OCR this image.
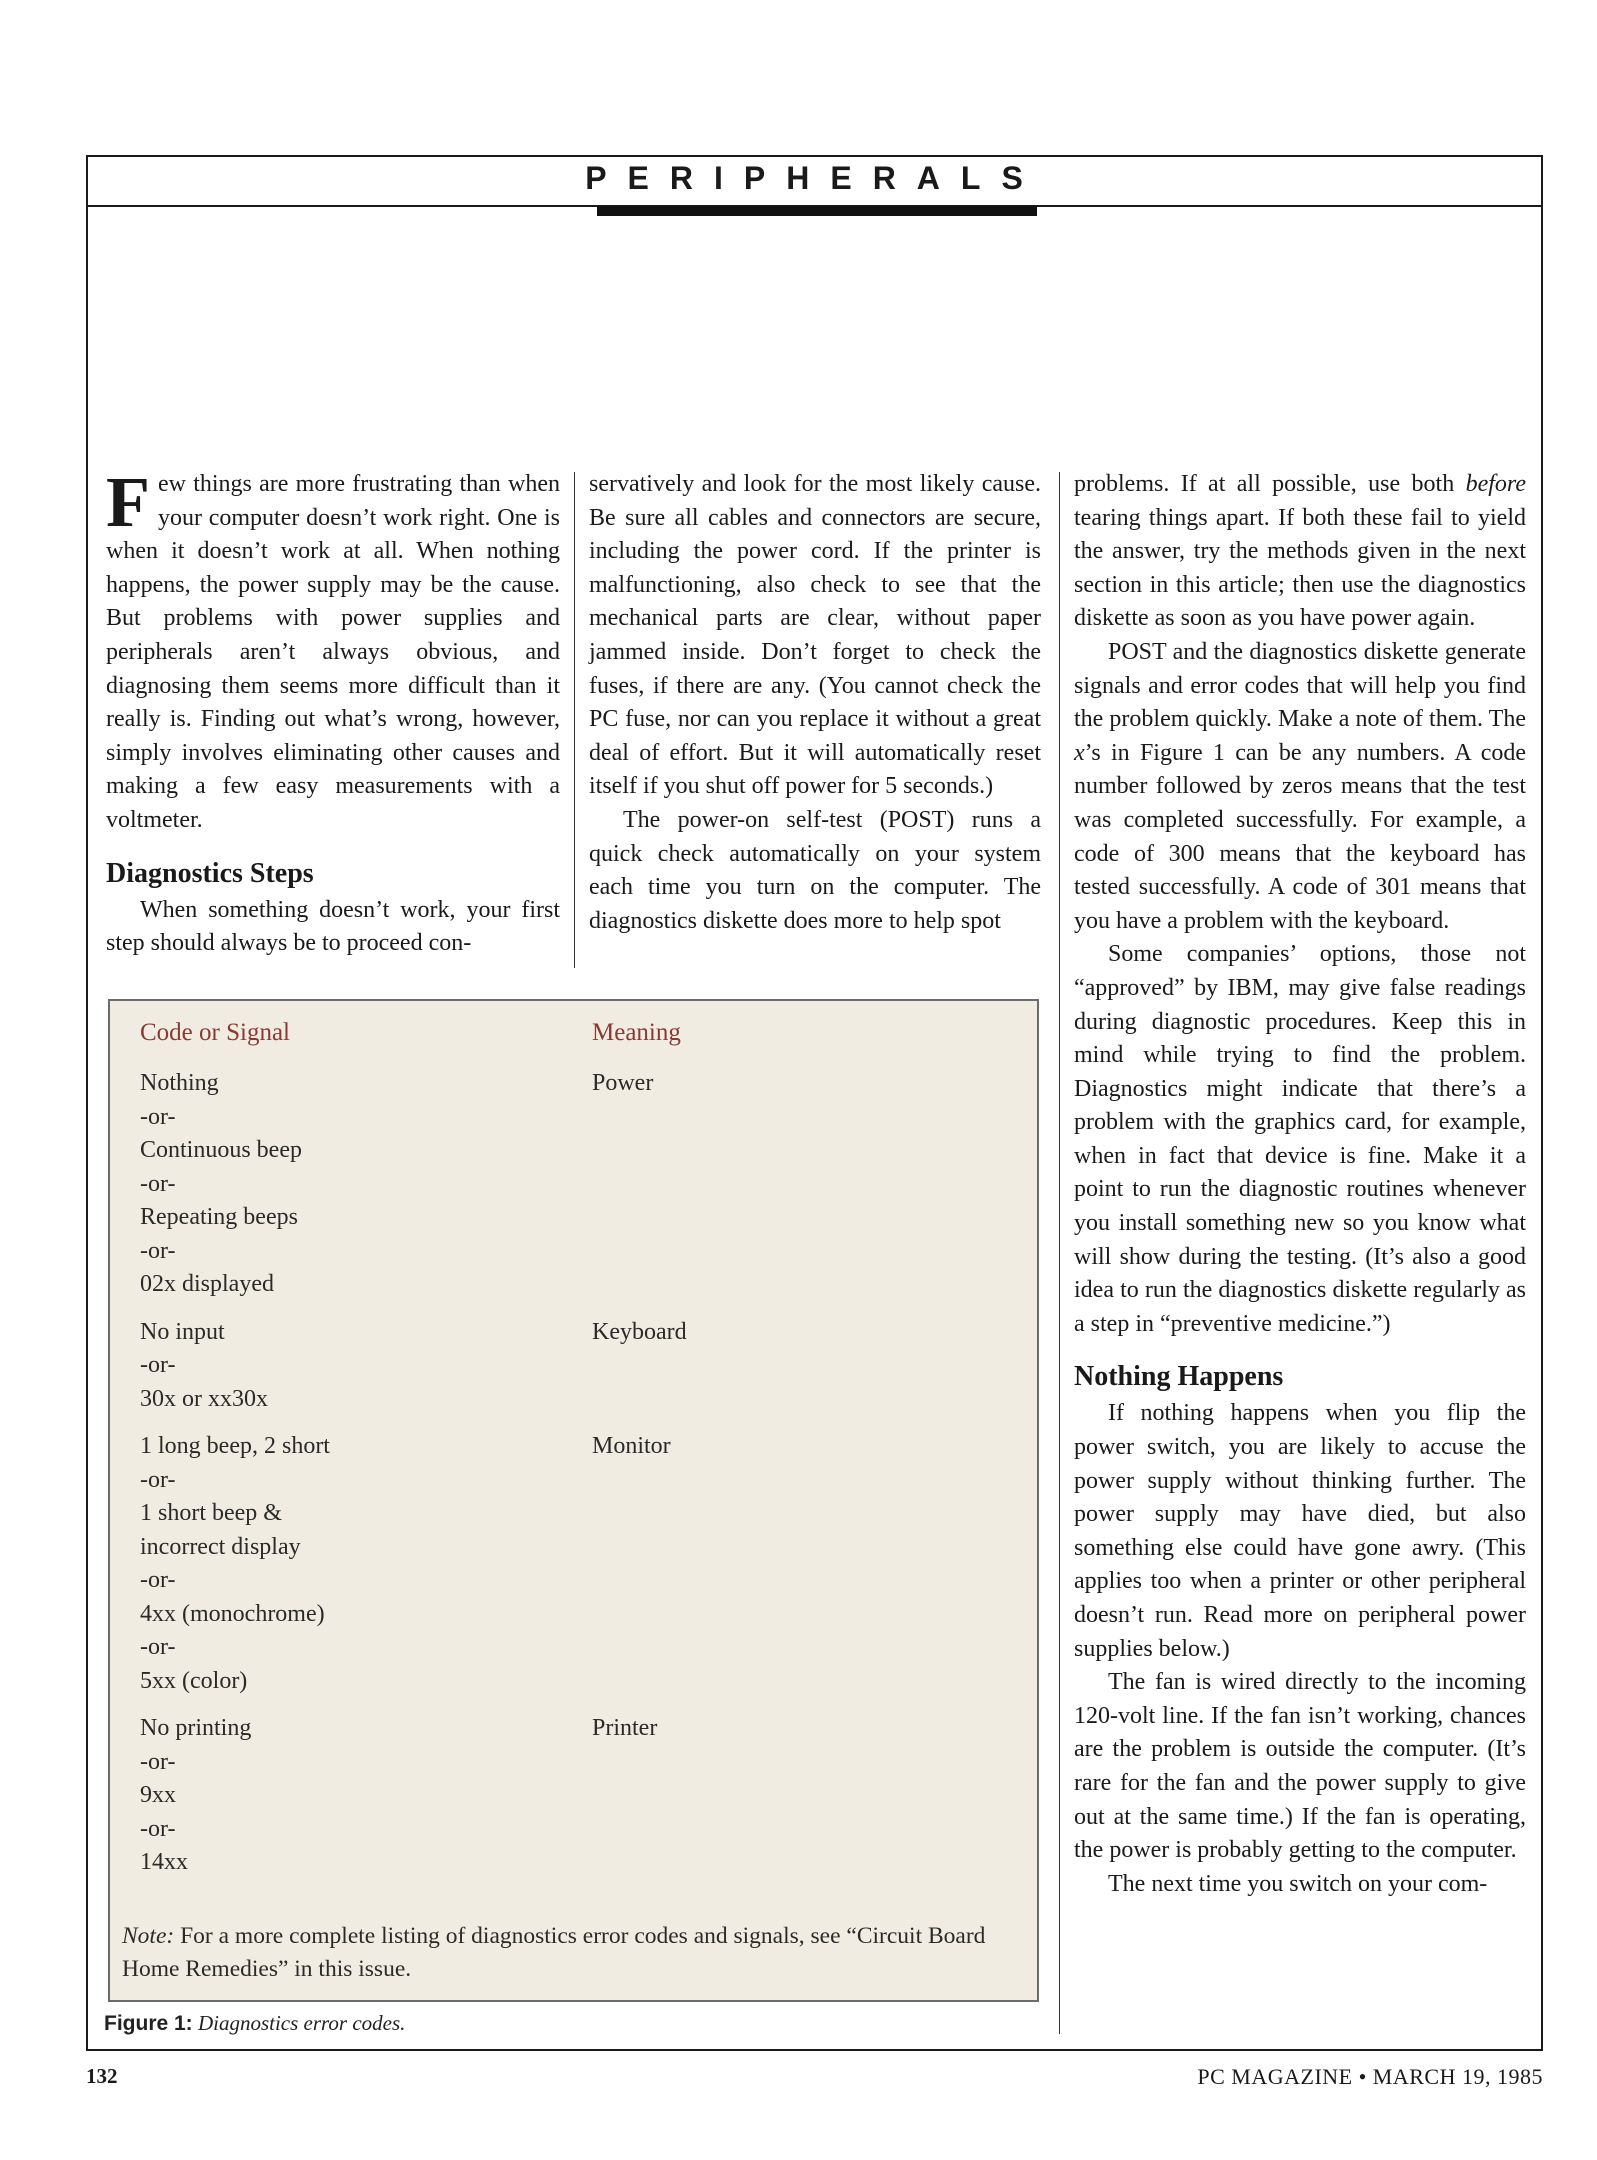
PERIPHERALS

Few things are more frustrating than when your computer doesn’t work right. One is when it doesn’t work at all. When nothing happens, the power supply may be the cause. But problems with power supplies and peripherals aren’t always obvious, and diagnosing them seems more difficult than it really is. Finding out what’s wrong, however, simply involves eliminating other causes and making a few easy measurements with a voltmeter.

Diagnostics Steps

When something doesn’t work, your first step should always be to proceed con-

servatively and look for the most likely cause. Be sure all cables and connectors are secure, including the power cord. If the printer is malfunctioning, also check to see that the mechanical parts are clear, without paper jammed inside. Don’t forget to check the fuses, if there are any. (You cannot check the PC fuse, nor can you replace it without a great deal of effort. But it will automatically reset itself if you shut off power for 5 seconds.)

The power-on self-test (POST) runs a quick check automatically on your system each time you turn on the computer. The diagnostics diskette does more to help spot

problems. If at all possible, use both before tearing things apart. If both these fail to yield the answer, try the methods given in the next section in this article; then use the diagnostics diskette as soon as you have power again.

POST and the diagnostics diskette generate signals and error codes that will help you find the problem quickly. Make a note of them. The x’s in Figure 1 can be any numbers. A code number followed by zeros means that the test was completed successfully. For example, a code of 300 means that the keyboard has tested successfully. A code of 301 means that you have a problem with the keyboard.

Some companies’ options, those not “approved” by IBM, may give false readings during diagnostic procedures. Keep this in mind while trying to find the problem. Diagnostics might indicate that there’s a problem with the graphics card, for example, when in fact that device is fine. Make it a point to run the diagnostic routines whenever you install something new so you know what will show during the testing. (It’s also a good idea to run the diagnostics diskette regularly as a step in “preventive medicine.”)

Nothing Happens

If nothing happens when you flip the power switch, you are likely to accuse the power supply without thinking further. The power supply may have died, but also something else could have gone awry. (This applies too when a printer or other peripheral doesn’t run. Read more on peripheral power supplies below.)

The fan is wired directly to the incoming 120-volt line. If the fan isn’t working, chances are the problem is outside the computer. (It’s rare for the fan and the power supply to give out at the same time.) If the fan is operating, the power is probably getting to the computer.

The next time you switch on your com-

Code or Signal	Meaning
Nothing
-or-
Continuous beep
-or-
Repeating beeps
-or-
02x displayed
Power
No input
-or-
30x or xx30x
Keyboard
1 long beep, 2 short
-or-
1 short beep &
incorrect display
-or-
4xx (monochrome)
-or-
5xx (color)
Monitor
No printing
-or-
9xx
-or-
14xx
Printer
Note: For a more complete listing of diagnostics error codes and signals, see “Circuit Board Home Remedies” in this issue.
Figure 1: Diagnostics error codes.
132	PC MAGAZINE • MARCH 19, 1985
